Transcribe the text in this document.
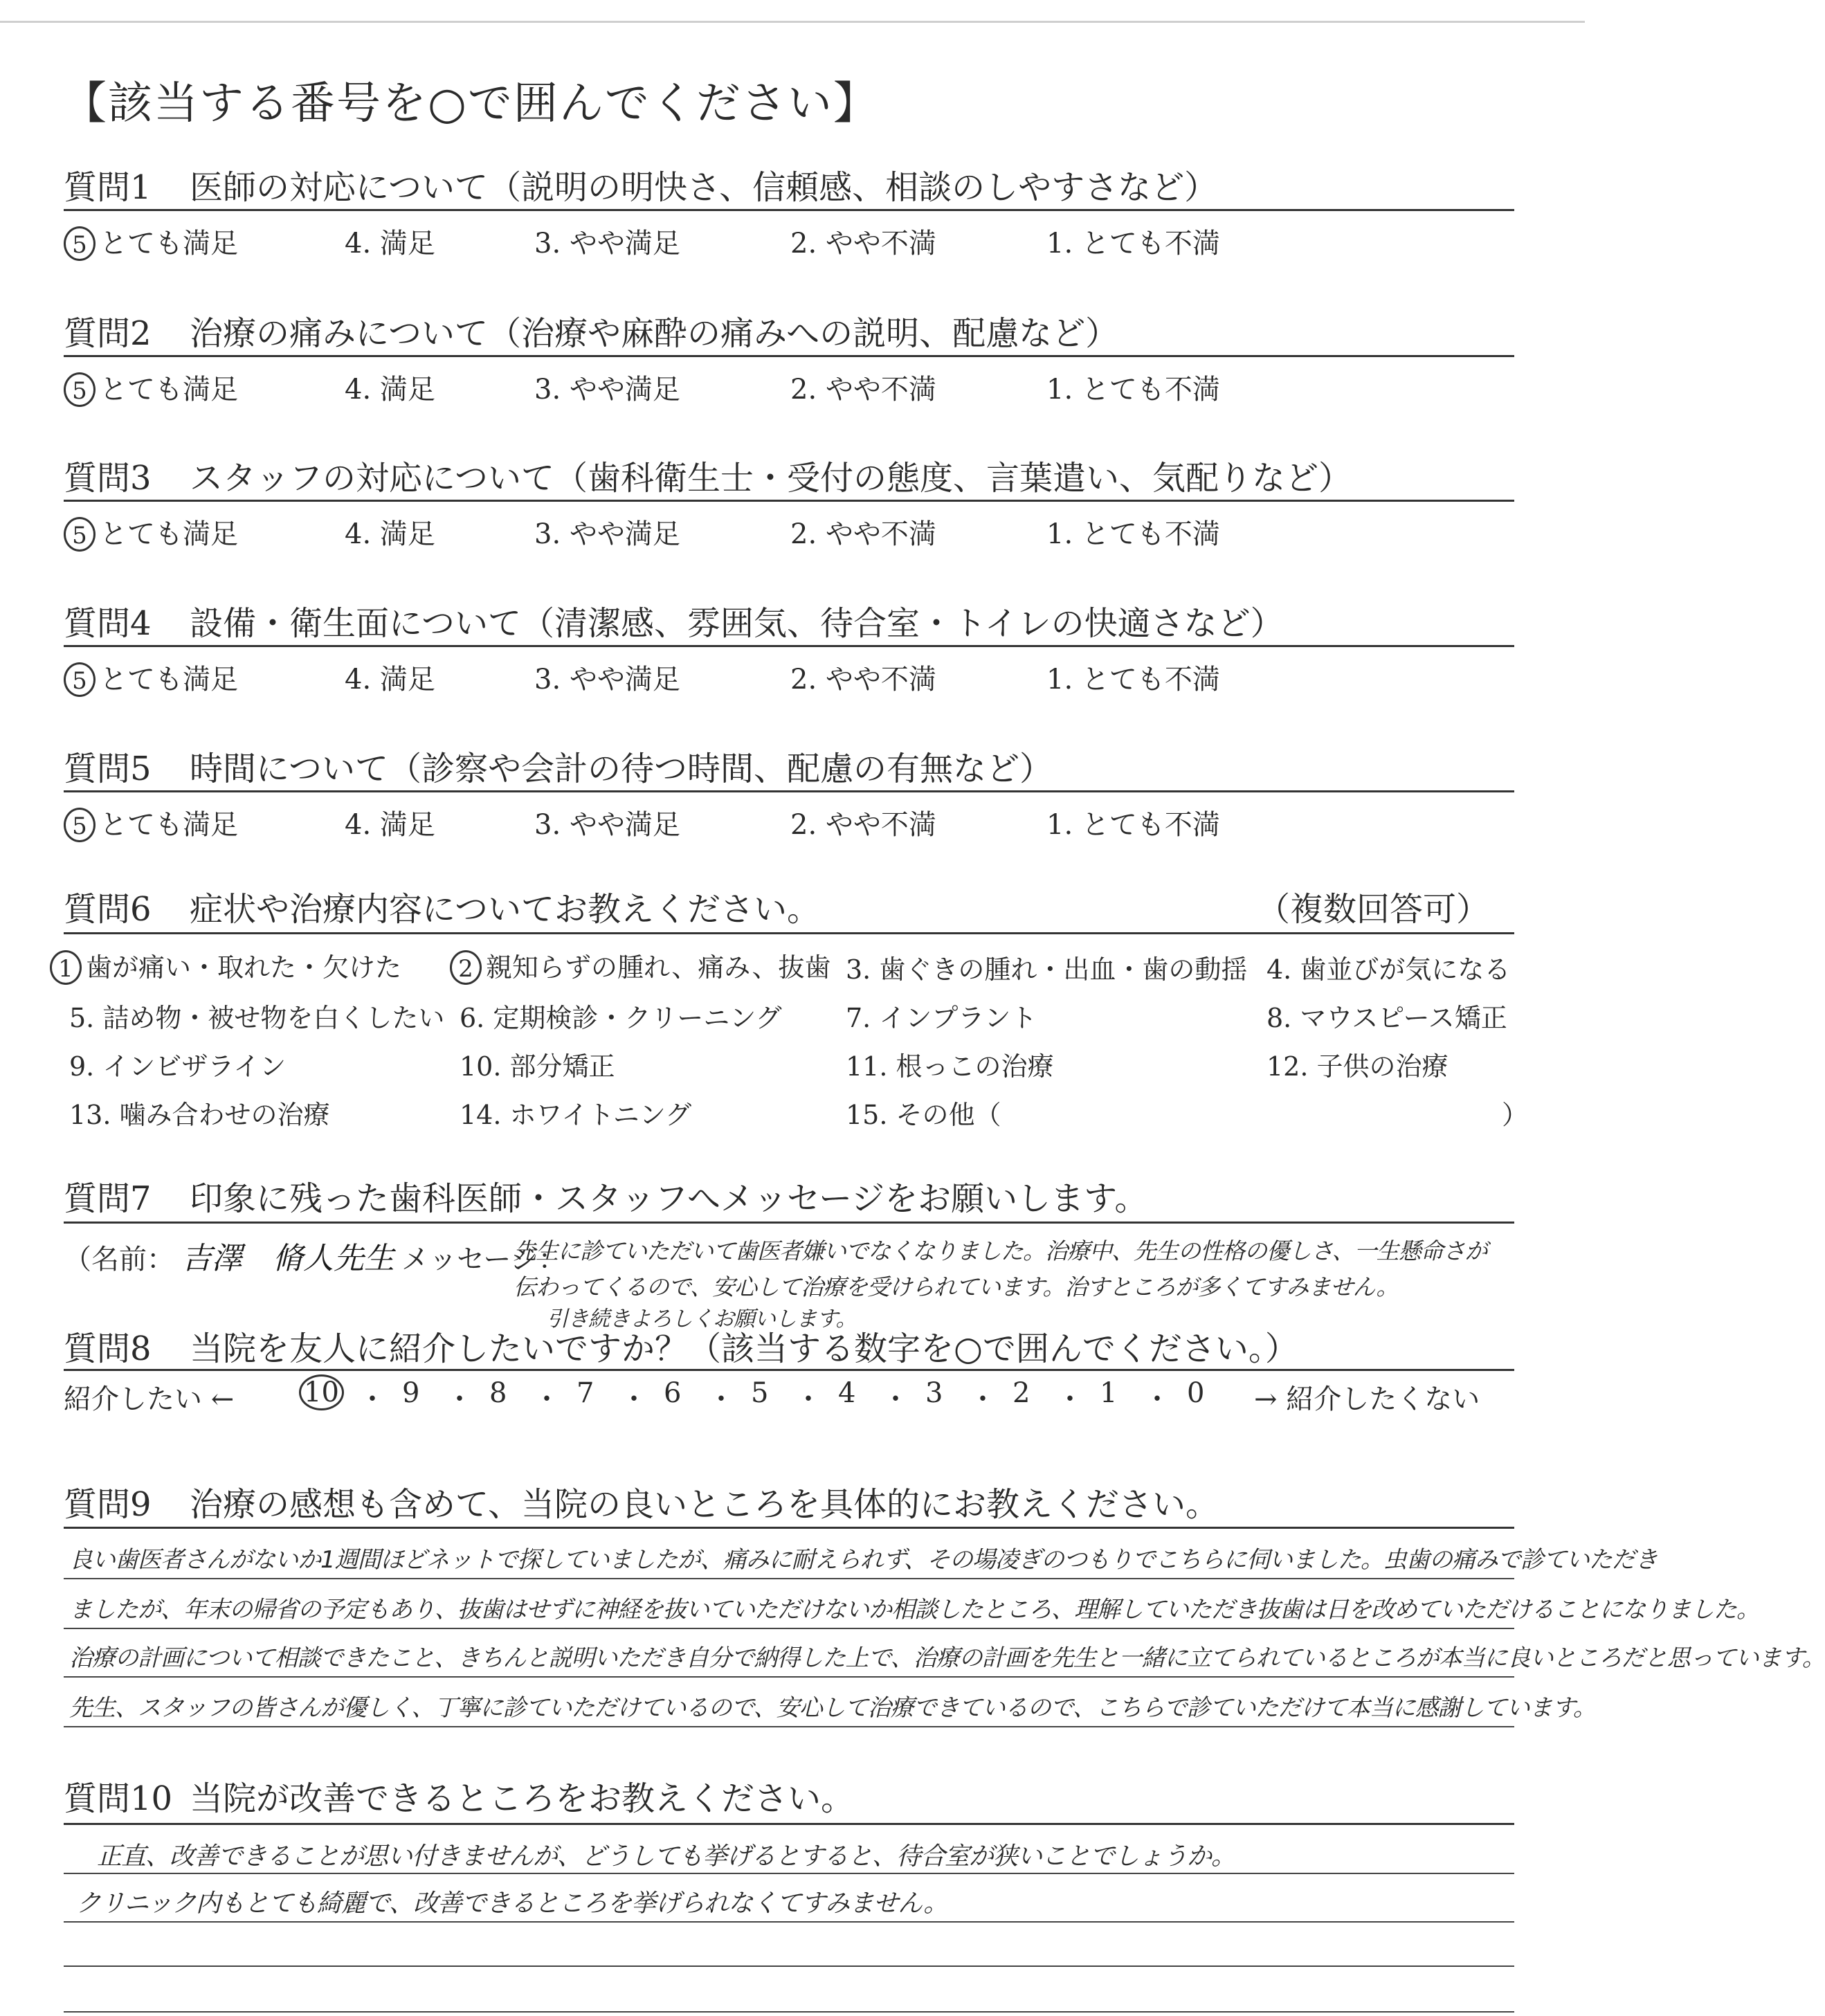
【該当する番号を○で囲んでください】
質問1 医師の対応について（説明の明快さ、信頼感、相談のしやすさなど）
5 とても満足	4. 満足	3. やや満足	2. やや不満	1. とても不満
質問2 治療の痛みについて（治療や麻酔の痛みへの説明、配慮など）
5 とても満足	4. 満足	3. やや満足	2. やや不満	1. とても不満
質問3 スタッフの対応について（歯科衛生士・受付の態度、言葉遣い、気配りなど）
5 とても満足	4. 満足	3. やや満足	2. やや不満	1. とても不満
質問4 設備・衛生面について（清潔感、雰囲気、待合室・トイレの快適さなど）
5 とても満足	4. 満足	3. やや満足	2. やや不満	1. とても不満
質問5 時間について（診察や会計の待つ時間、配慮の有無など）
5 とても満足	4. 満足	3. やや満足	2. やや不満	1. とても不満
質問6 症状や治療内容についてお教えください。	（複数回答可）
1 歯が痛い・取れた・欠けた	2 親知らずの腫れ、痛み、抜歯 3. 歯ぐきの腫れ・出血・歯の動揺 4. 歯並びが気になる
5. 詰め物・被せ物を白くしたい 6. 定期検診・クリーニング 7. インプラント	8. マウスピース矯正
9. インビザライン	10. 部分矯正	11. 根っこの治療	12. 子供の治療
13. 噛み合わせの治療	14. ホワイトニング	15. その他（	）
質問7 印象に残った歯科医師・スタッフへメッセージをお願いします。
（名前： 吉澤　脩人先生 メッセージ：
先生に診ていただいて歯医者嫌いでなくなりました。治療中、先生の性格の優しさ、一生懸命さが
伝わってくるので、安心して治療を受けられています。治すところが多くてすみません。
引き続きよろしくお願いします。
質問8 当院を友人に紹介したいですか？（該当する数字を○で囲んでください。）
紹介したい ←	10 ・ 9 ・ 8 ・ 7 ・ 6 ・ 5 ・ 4 ・ 3 ・ 2 ・ 1 ・ 0 → 紹介したくない
質問9 治療の感想も含めて、当院の良いところを具体的にお教えください。
良い歯医者さんがないか1週間ほどネットで探していましたが、痛みに耐えられず、その場凌ぎのつもりでこちらに伺いました。虫歯の痛みで診ていただき
ましたが、年末の帰省の予定もあり、抜歯はせずに神経を抜いていただけないか相談したところ、理解していただき抜歯は日を改めていただけることになりました。
治療の計画について相談できたこと、きちんと説明いただき自分で納得した上で、治療の計画を先生と一緒に立てられているところが本当に良いところだと思っています。
先生、スタッフの皆さんが優しく、丁寧に診ていただけているので、安心して治療できているので、こちらで診ていただけて本当に感謝しています。
質問10 当院が改善できるところをお教えください。
正直、改善できることが思い付きませんが、どうしても挙げるとすると、待合室が狭いことでしょうか。
クリニック内もとても綺麗で、改善できるところを挙げられなくてすみません。
